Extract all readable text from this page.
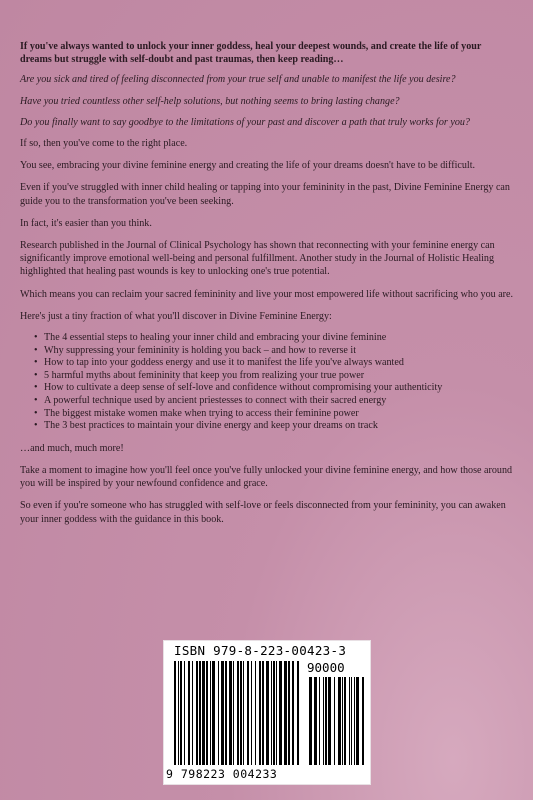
If you've always wanted to unlock your inner goddess, heal your deepest wounds, and create the life of your dreams but struggle with self-doubt and past traumas, then keep reading…

Are you sick and tired of feeling disconnected from your true self and unable to manifest the life you desire?

Have you tried countless other self-help solutions, but nothing seems to bring lasting change?

Do you finally want to say goodbye to the limitations of your past and discover a path that truly works for you?

If so, then you've come to the right place.

You see, embracing your divine feminine energy and creating the life of your dreams doesn't have to be difficult.

Even if you've struggled with inner child healing or tapping into your femininity in the past, Divine Feminine Energy can guide you to the transformation you've been seeking.

In fact, it's easier than you think.

Research published in the Journal of Clinical Psychology has shown that reconnecting with your feminine energy can significantly improve emotional well-being and personal fulfillment. Another study in the Journal of Holistic Healing highlighted that healing past wounds is key to unlocking one's true potential.

Which means you can reclaim your sacred femininity and live your most empowered life without sacrificing who you are.

Here's just a tiny fraction of what you'll discover in Divine Feminine Energy:

• The 4 essential steps to healing your inner child and embracing your divine feminine
• Why suppressing your femininity is holding you back – and how to reverse it
• How to tap into your goddess energy and use it to manifest the life you've always wanted
• 5 harmful myths about femininity that keep you from realizing your true power
• How to cultivate a deep sense of self-love and confidence without compromising your authenticity
• A powerful technique used by ancient priestesses to connect with their sacred energy
• The biggest mistake women make when trying to access their feminine power
• The 3 best practices to maintain your divine energy and keep your dreams on track

…and much, much more!

Take a moment to imagine how you'll feel once you've fully unlocked your divine feminine energy, and how those around you will be inspired by your newfound confidence and grace.

So even if you're someone who has struggled with self-love or feels disconnected from your femininity, you can awaken your inner goddess with the guidance in this book.

ISBN 979-8-223-00423-3
90000
9 798223 004233
